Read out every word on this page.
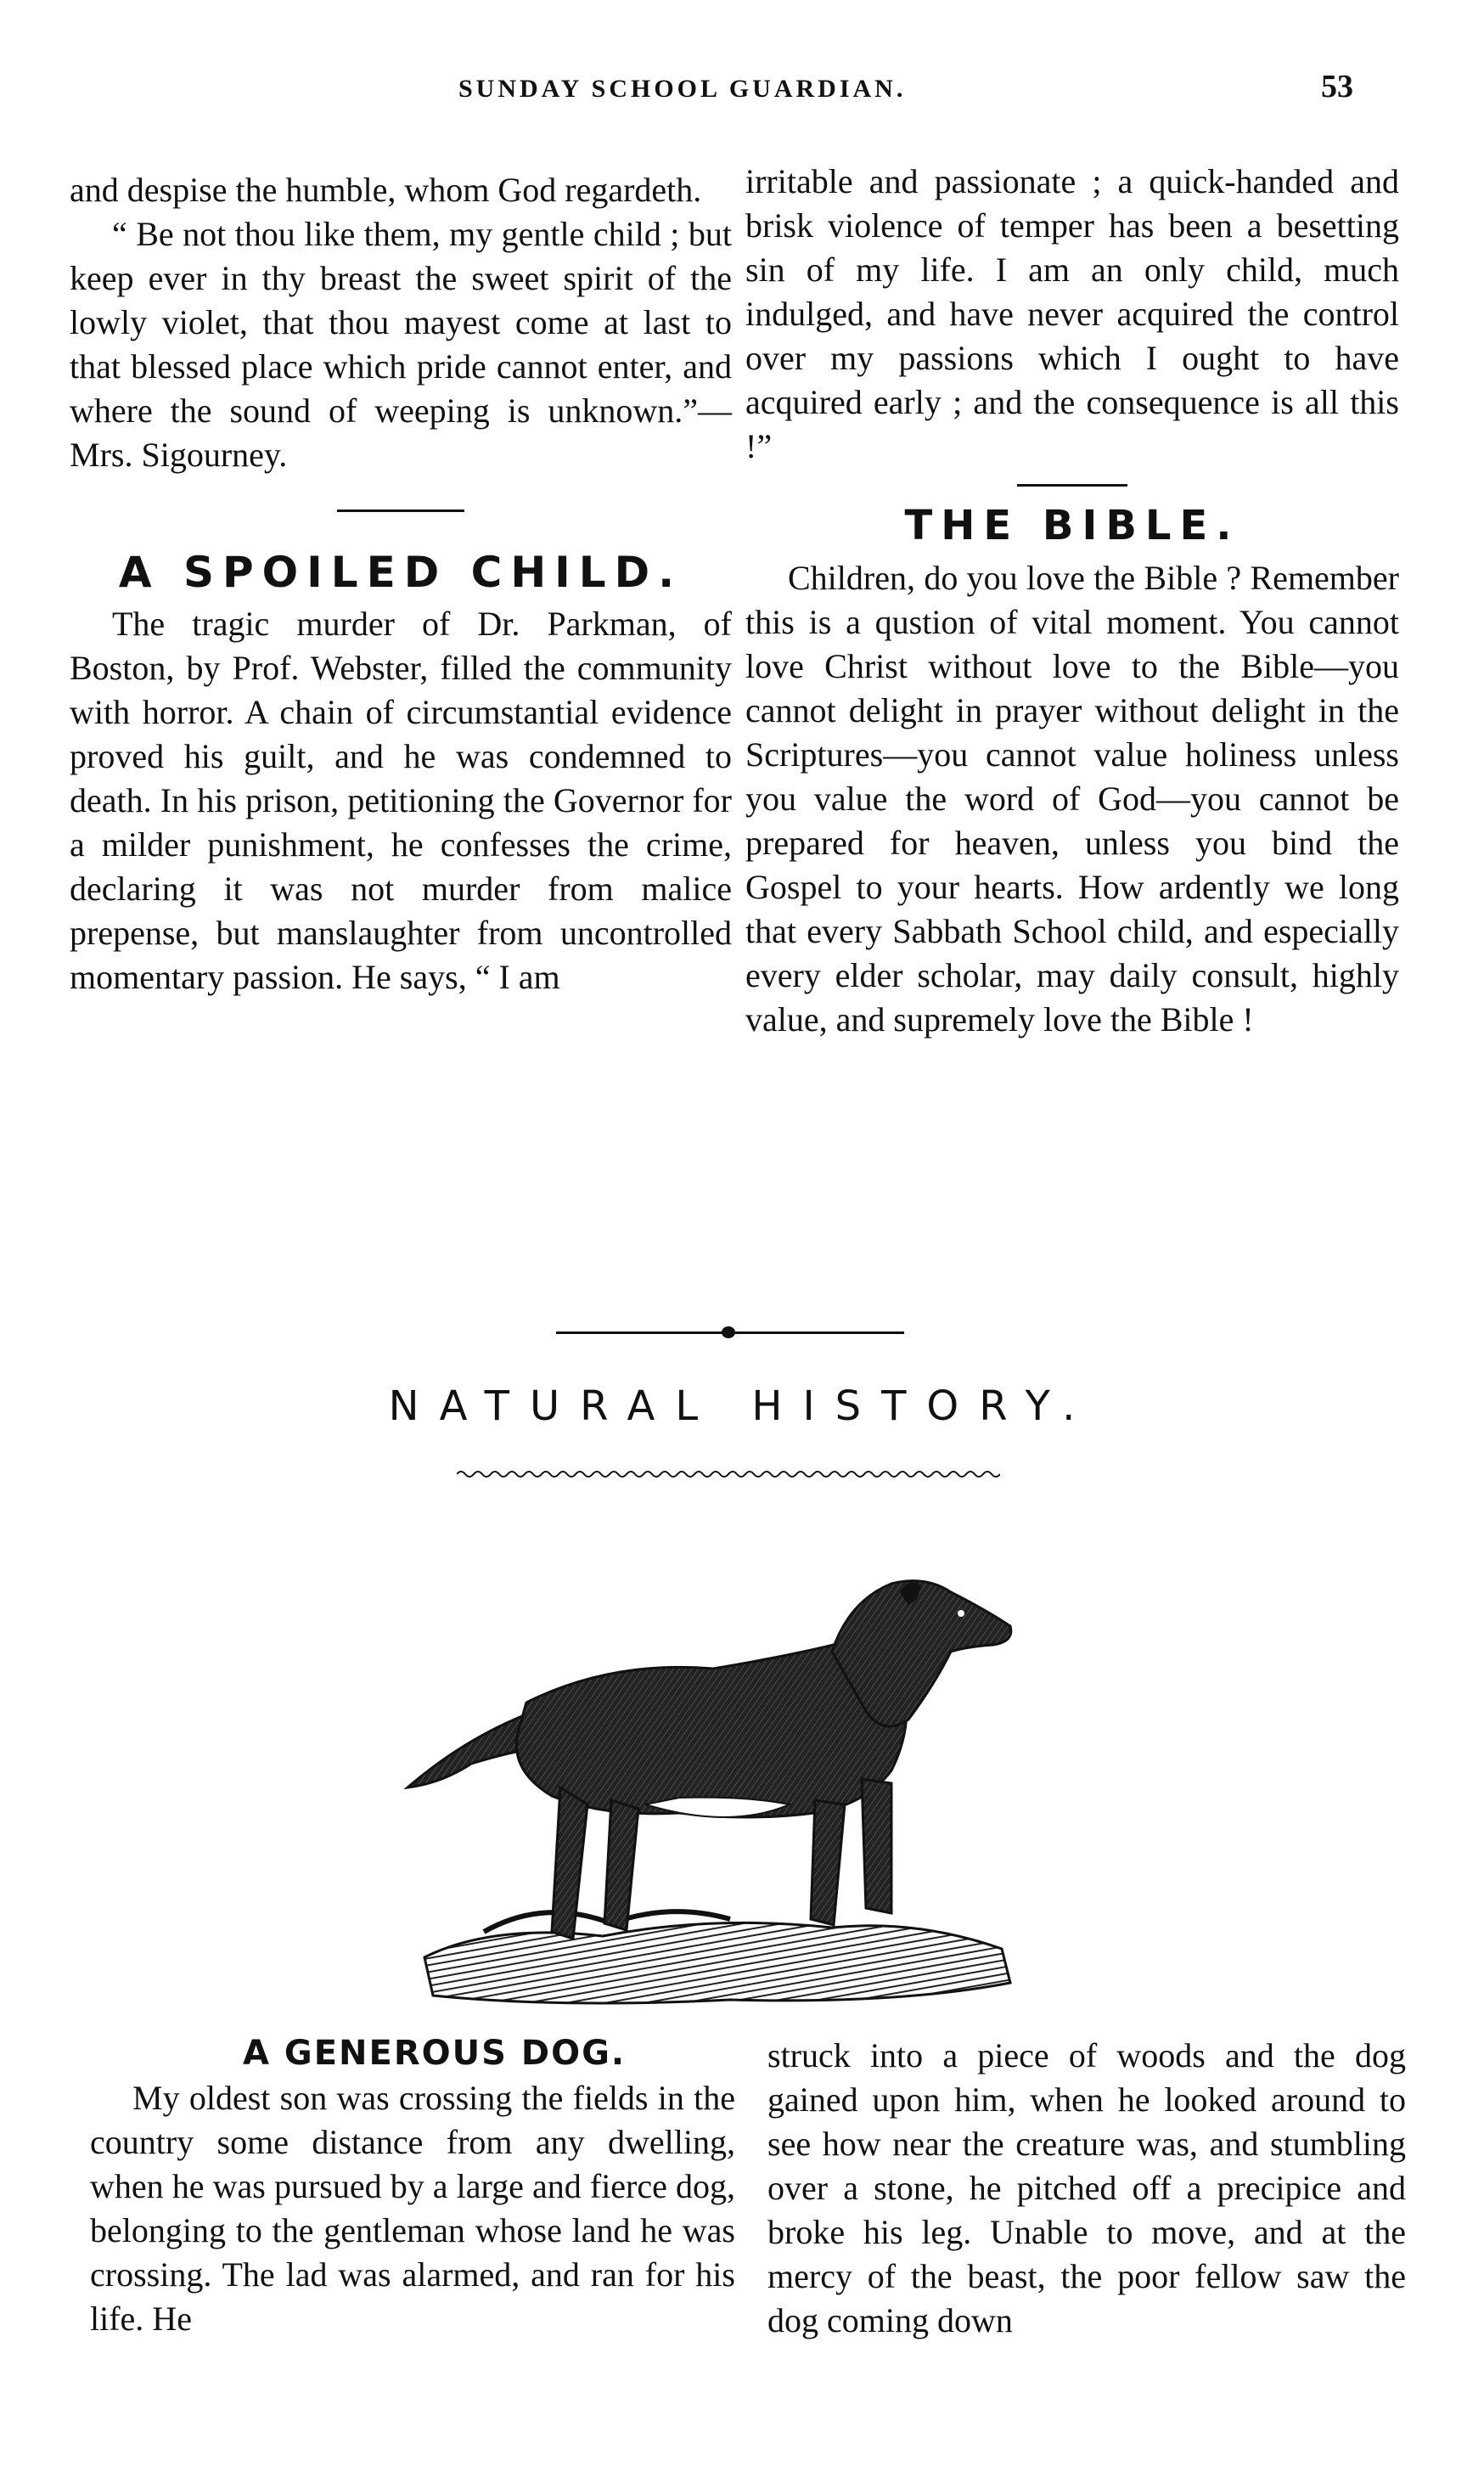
SUNDAY SCHOOL GUARDIAN.	53

and despise the humble, whom God regardeth.

“ Be not thou like them, my gentle child ; but keep ever in thy breast the sweet spirit of the lowly violet, that thou mayest come at last to that blessed place which pride cannot enter, and where the sound of weeping is unknown.”—Mrs. Sigourney.

A SPOILED CHILD.

The tragic murder of Dr. Parkman, of Boston, by Prof. Webster, filled the community with horror. A chain of circumstantial evidence proved his guilt, and he was condemned to death. In his prison, petitioning the Governor for a milder punishment, he confesses the crime, declaring it was not murder from malice prepense, but manslaughter from uncontrolled momentary passion. He says, “ I am

irritable and passionate ; a quick-handed and brisk violence of temper has been a besetting sin of my life. I am an only child, much indulged, and have never acquired the control over my passions which I ought to have acquired early ; and the consequence is all this !”

THE BIBLE.

Children, do you love the Bible ? Remember this is a qustion of vital moment. You cannot love Christ without love to the Bible—you cannot delight in prayer without delight in the Scriptures—you cannot value holiness unless you value the word of God—you cannot be prepared for heaven, unless you bind the Gospel to your hearts. How ardently we long that every Sabbath School child, and especially every elder scholar, may daily consult, highly value, and supremely love the Bible !

NATURAL HISTORY.
A GENEROUS DOG.

My oldest son was crossing the fields in the country some distance from any dwelling, when he was pursued by a large and fierce dog, belonging to the gentleman whose land he was crossing. The lad was alarmed, and ran for his life. He

struck into a piece of woods and the dog gained upon him, when he looked around to see how near the creature was, and stumbling over a stone, he pitched off a precipice and broke his leg. Unable to move, and at the mercy of the beast, the poor fellow saw the dog coming down
